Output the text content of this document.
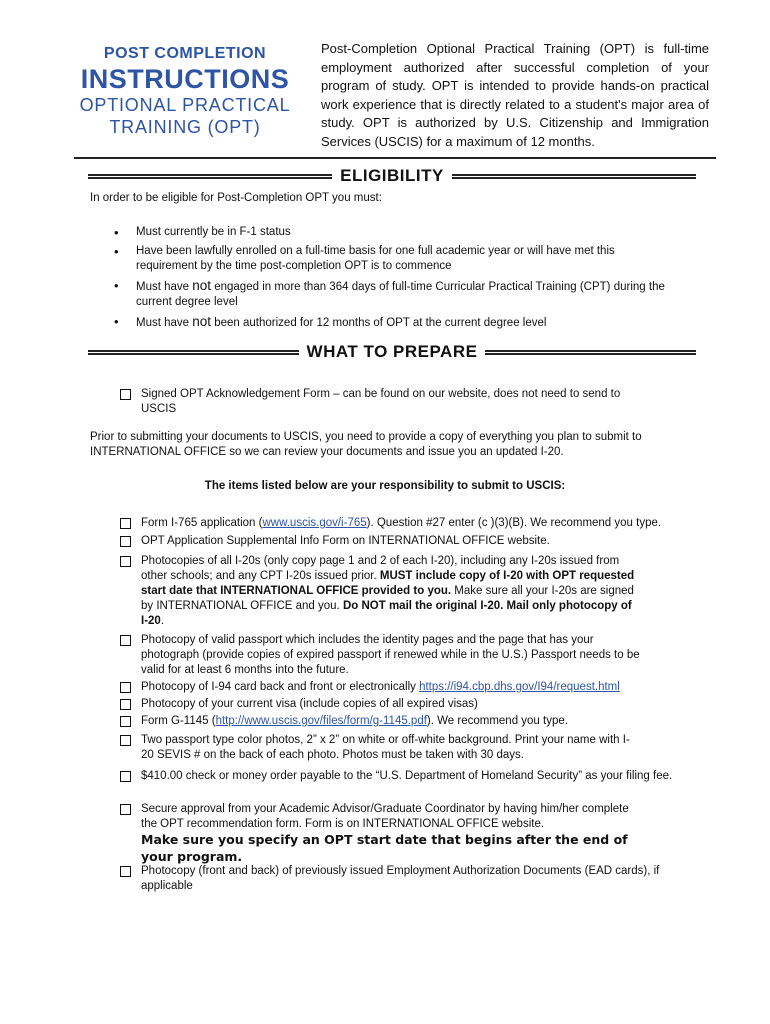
POST COMPLETION
INSTRUCTIONS
OPTIONAL PRACTICAL
TRAINING (OPT)
Post-Completion Optional Practical Training (OPT) is full-time employment authorized after successful completion of your program of study. OPT is intended to provide hands-on practical work experience that is directly related to a student's major area of study. OPT is authorized by U.S. Citizenship and Immigration Services (USCIS) for a maximum of 12 months.
ELIGIBILITY
In order to be eligible for Post-Completion OPT you must:
• Must currently be in F-1 status
• Have been lawfully enrolled on a full-time basis for one full academic year or will have met this requirement by the time post-completion OPT is to commence
• Must have not engaged in more than 364 days of full-time Curricular Practical Training (CPT) during the current degree level
• Must have not been authorized for 12 months of OPT at the current degree level
WHAT TO PREPARE
Signed OPT Acknowledgement Form – can be found on our website, does not need to send to USCIS
Prior to submitting your documents to USCIS, you need to provide a copy of everything you plan to submit to INTERNATIONAL OFFICE so we can review your documents and issue you an updated I-20.
The items listed below are your responsibility to submit to USCIS:
Form I-765 application (www.uscis.gov/i-765). Question #27 enter (c )(3)(B). We recommend you type.
OPT Application Supplemental Info Form on INTERNATIONAL OFFICE website.
Photocopies of all I-20s (only copy page 1 and 2 of each I-20), including any I-20s issued from other schools; and any CPT I-20s issued prior. MUST include copy of I-20 with OPT requested start date that INTERNATIONAL OFFICE provided to you. Make sure all your I-20s are signed by INTERNATIONAL OFFICE and you. Do NOT mail the original I-20. Mail only photocopy of I-20.
Photocopy of valid passport which includes the identity pages and the page that has your photograph (provide copies of expired passport if renewed while in the U.S.) Passport needs to be valid for at least 6 months into the future.
Photocopy of I-94 card back and front or electronically https://i94.cbp.dhs.gov/I94/request.html
Photocopy of your current visa (include copies of all expired visas)
Form G-1145 (http://www.uscis.gov/files/form/g-1145.pdf). We recommend you type.
Two passport type color photos, 2” x 2” on white or off-white background. Print your name with I-20 SEVIS # on the back of each photo. Photos must be taken with 30 days.
$410.00 check or money order payable to the “U.S. Department of Homeland Security” as your filing fee.
Secure approval from your Academic Advisor/Graduate Coordinator by having him/her complete the OPT recommendation form. Form is on INTERNATIONAL OFFICE website.
Make sure you specify an OPT start date that begins after the end of your program.
Photocopy (front and back) of previously issued Employment Authorization Documents (EAD cards), if applicable
